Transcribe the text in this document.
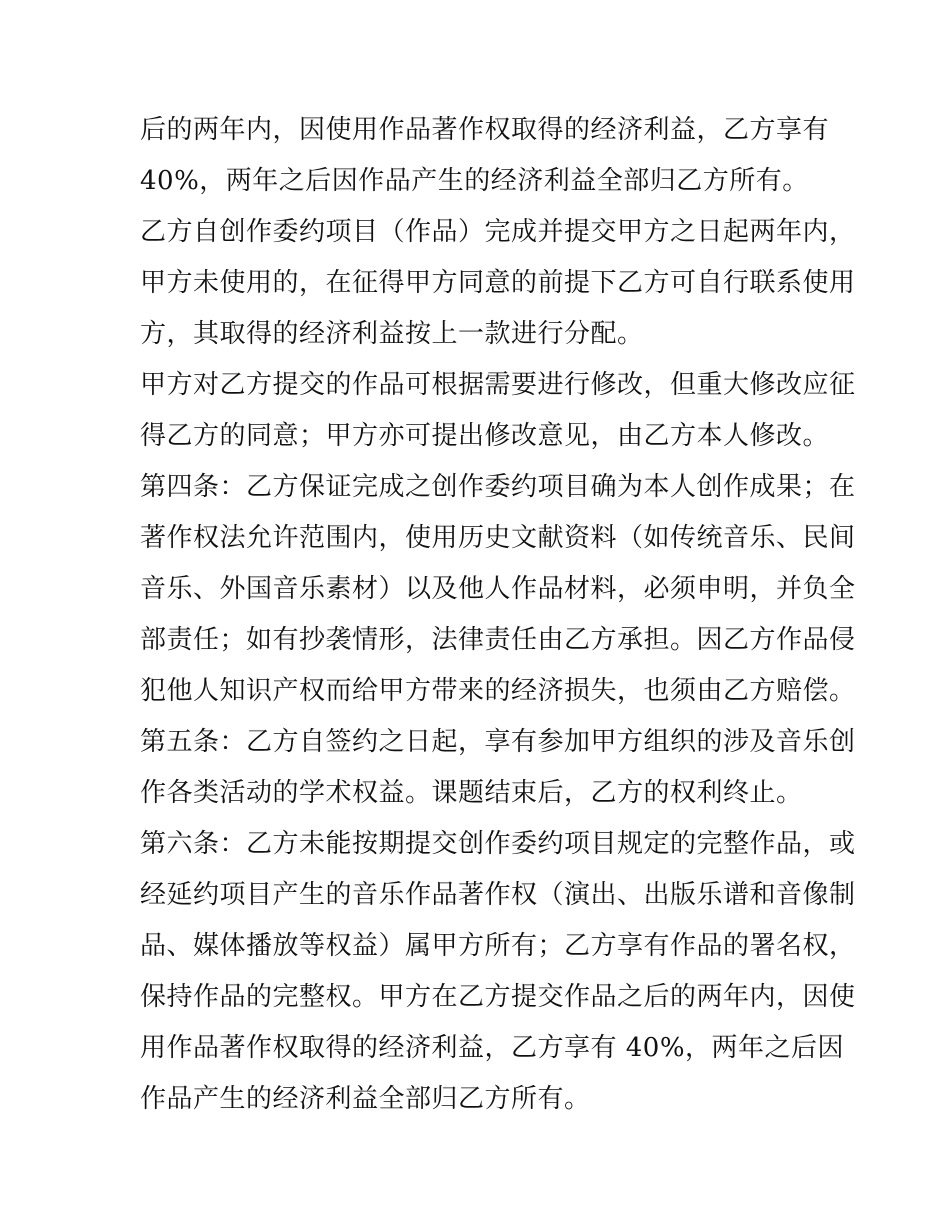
后的两年内，因使用作品著作权取得的经济利益，乙方享有
40%，两年之后因作品产生的经济利益全部归乙方所有。
乙方自创作委约项目（作品）完成并提交甲方之日起两年内，
甲方未使用的，在征得甲方同意的前提下乙方可自行联系使用
方，其取得的经济利益按上一款进行分配。
甲方对乙方提交的作品可根据需要进行修改，但重大修改应征
得乙方的同意；甲方亦可提出修改意见，由乙方本人修改。
第四条：乙方保证完成之创作委约项目确为本人创作成果；在
著作权法允许范围内，使用历史文献资料（如传统音乐、民间
音乐、外国音乐素材）以及他人作品材料，必须申明，并负全
部责任；如有抄袭情形，法律责任由乙方承担。因乙方作品侵
犯他人知识产权而给甲方带来的经济损失，也须由乙方赔偿。
第五条：乙方自签约之日起，享有参加甲方组织的涉及音乐创
作各类活动的学术权益。课题结束后，乙方的权利终止。
第六条：乙方未能按期提交创作委约项目规定的完整作品，或
经延约项目产生的音乐作品著作权（演出、出版乐谱和音像制
品、媒体播放等权益）属甲方所有；乙方享有作品的署名权，
保持作品的完整权。甲方在乙方提交作品之后的两年内，因使
用作品著作权取得的经济利益，乙方享有 40%，两年之后因
作品产生的经济利益全部归乙方所有。
